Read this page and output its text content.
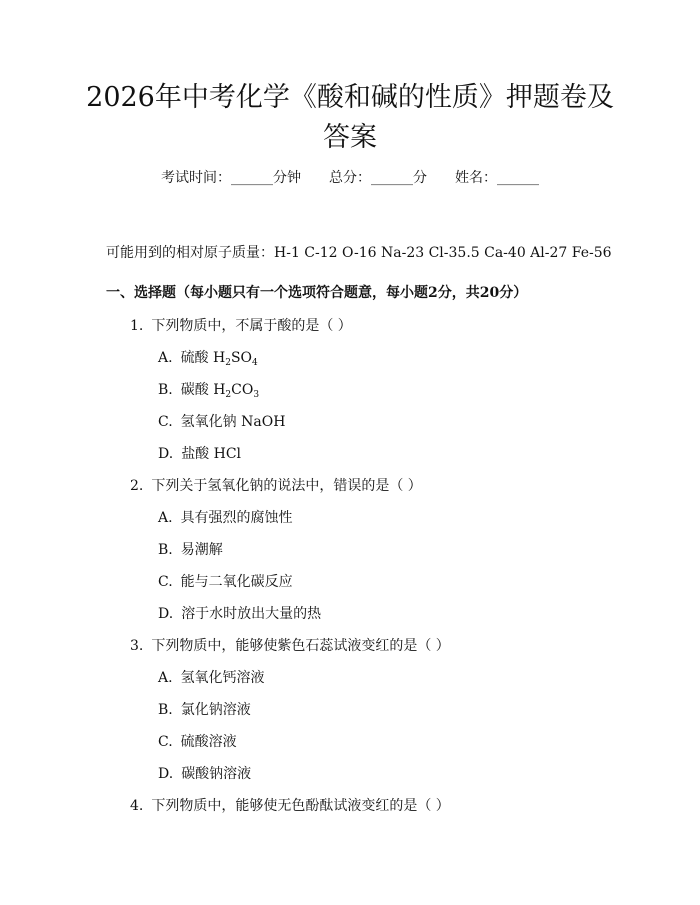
2026年中考化学《酸和碱的性质》押题卷及
答案
考试时间：______分钟 总分：______分 姓名：______

可能用到的相对原子质量：H-1 C-12 O-16 Na-23 Cl-35.5 Ca-40 Al-27 Fe-56

一、选择题（每小题只有一个选项符合题意，每小题2分，共20分）
1. 下列物质中，不属于酸的是（ ）
A. 硫酸 $H_2SO_4$
B. 碳酸 $H_2CO_3$
C. 氢氧化钠 NaOH
D. 盐酸 HCl
2. 下列关于氢氧化钠的说法中，错误的是（ ）
A. 具有强烈的腐蚀性
B. 易潮解
C. 能与二氧化碳反应
D. 溶于水时放出大量的热
3. 下列物质中，能够使紫色石蕊试液变红的是（ ）
A. 氢氧化钙溶液
B. 氯化钠溶液
C. 硫酸溶液
D. 碳酸钠溶液
4. 下列物质中，能够使无色酚酞试液变红的是（ ）
